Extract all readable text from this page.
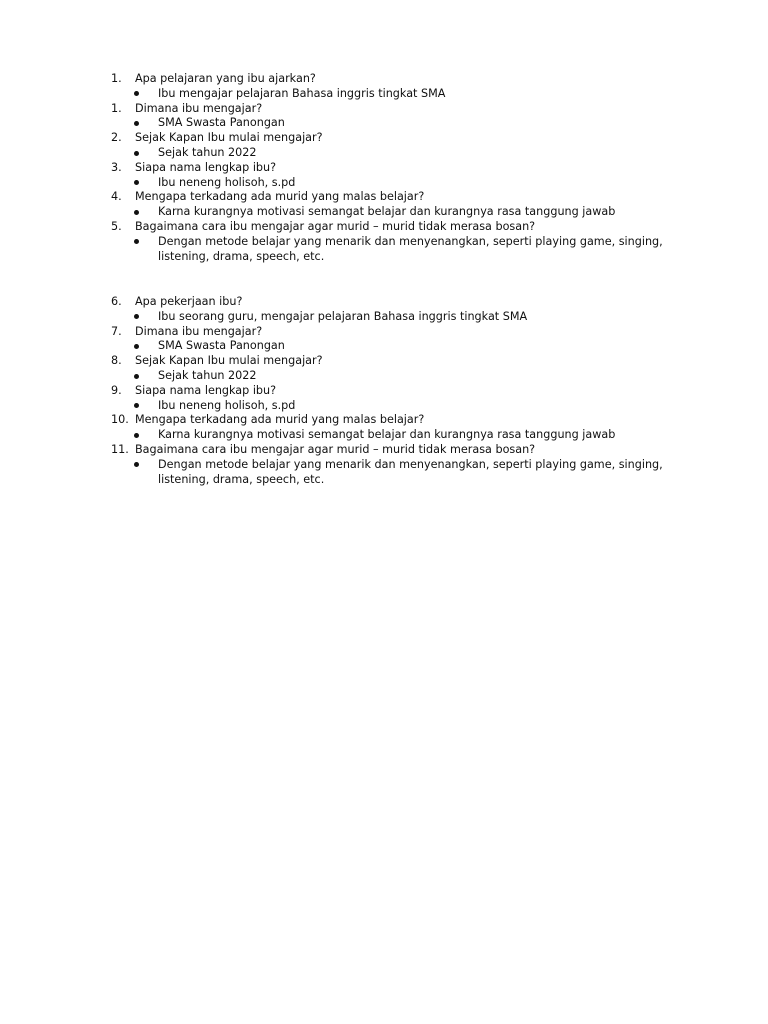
1. Apa pelajaran yang ibu ajarkan?
Ibu mengajar pelajaran Bahasa inggris tingkat SMA
1. Dimana ibu mengajar?
SMA Swasta Panongan
2. Sejak Kapan Ibu mulai mengajar?
Sejak tahun 2022
3. Siapa nama lengkap ibu?
Ibu neneng holisoh, s.pd
4. Mengapa terkadang ada murid yang malas belajar?
Karna kurangnya motivasi semangat belajar dan kurangnya rasa tanggung jawab
5. Bagaimana cara ibu mengajar agar murid – murid tidak merasa bosan?
Dengan metode belajar yang menarik dan menyenangkan, seperti playing game, singing, listening, drama, speech, etc.
6. Apa pekerjaan ibu?
Ibu seorang guru, mengajar pelajaran Bahasa inggris tingkat SMA
7. Dimana ibu mengajar?
SMA Swasta Panongan
8. Sejak Kapan Ibu mulai mengajar?
Sejak tahun 2022
9. Siapa nama lengkap ibu?
Ibu neneng holisoh, s.pd
10. Mengapa terkadang ada murid yang malas belajar?
Karna kurangnya motivasi semangat belajar dan kurangnya rasa tanggung jawab
11. Bagaimana cara ibu mengajar agar murid – murid tidak merasa bosan?
Dengan metode belajar yang menarik dan menyenangkan, seperti playing game, singing, listening, drama, speech, etc.
